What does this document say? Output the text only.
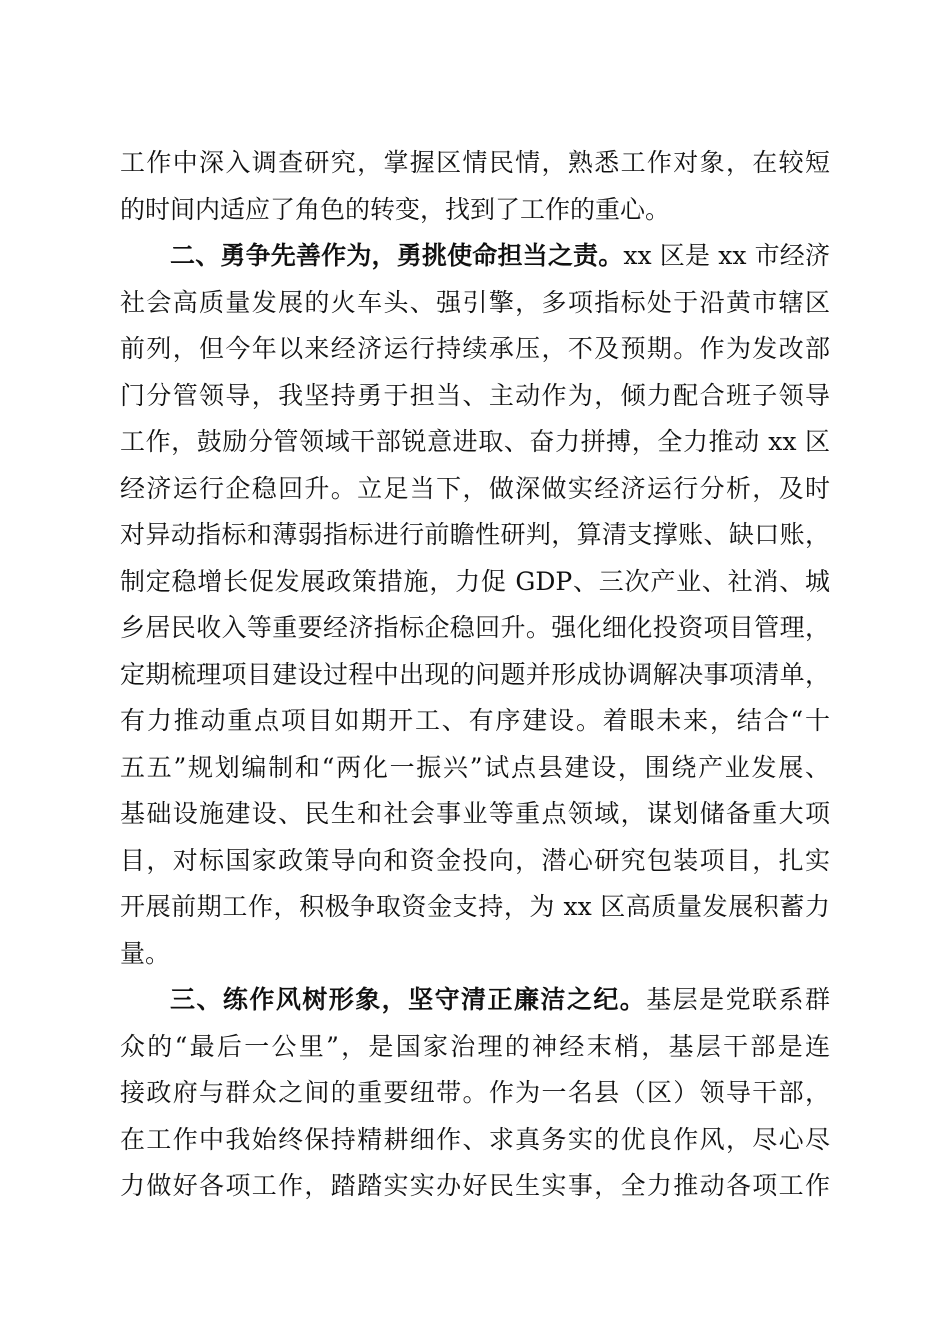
工作中深入调查研究，掌握区情民情，熟悉工作对象，在较短
的时间内适应了角色的转变，找到了工作的重心。
二、勇争先善作为，勇挑使命担当之责。xx 区是 xx 市经济
社会高质量发展的火车头、强引擎，多项指标处于沿黄市辖区
前列，但今年以来经济运行持续承压，不及预期。作为发改部
门分管领导，我坚持勇于担当、主动作为，倾力配合班子领导
工作，鼓励分管领域干部锐意进取、奋力拼搏，全力推动 xx 区
经济运行企稳回升。立足当下，做深做实经济运行分析，及时
对异动指标和薄弱指标进行前瞻性研判，算清支撑账、缺口账，
制定稳增长促发展政策措施，力促 GDP、三次产业、社消、城
乡居民收入等重要经济指标企稳回升。强化细化投资项目管理，
定期梳理项目建设过程中出现的问题并形成协调解决事项清单，
有力推动重点项目如期开工、有序建设。着眼未来，结合“十
五五”规划编制和“两化一振兴”试点县建设，围绕产业发展、
基础设施建设、民生和社会事业等重点领域，谋划储备重大项
目，对标国家政策导向和资金投向，潜心研究包装项目，扎实
开展前期工作，积极争取资金支持，为 xx 区高质量发展积蓄力
量。
三、练作风树形象，坚守清正廉洁之纪。基层是党联系群
众的“最后一公里”，是国家治理的神经末梢，基层干部是连
接政府与群众之间的重要纽带。作为一名县（区）领导干部，
在工作中我始终保持精耕细作、求真务实的优良作风，尽心尽
力做好各项工作，踏踏实实办好民生实事，全力推动各项工作
